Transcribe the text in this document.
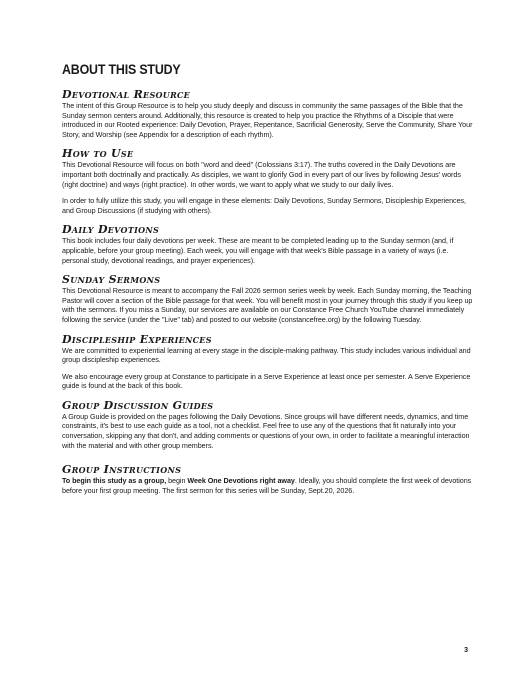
ABOUT THIS STUDY
Devotional Resource

The intent of this Group Resource is to help you study deeply and discuss in community the same passages of the Bible that the Sunday sermon centers around. Additionally, this resource is created to help you practice the Rhythms of a Disciple that were introduced in our Rooted experience: Daily Devotion, Prayer, Repentance, Sacrificial Generosity, Serve the Community, Share Your Story, and Worship (see Appendix for a description of each rhythm).

How to Use

This Devotional Resource will focus on both "word and deed" (Colossians 3:17). The truths covered in the Daily Devotions are important both doctrinally and practically. As disciples, we want to glorify God in every part of our lives by following Jesus' words (right doctrine) and ways (right practice). In other words, we want to apply what we study to our daily lives.

In order to fully utilize this study, you will engage in these elements: Daily Devotions, Sunday Sermons, Discipleship Experiences, and Group Discussions (if studying with others).

Daily Devotions

This book includes four daily devotions per week. These are meant to be completed leading up to the Sunday sermon (and, if applicable, before your group meeting). Each week, you will engage with that week's Bible passage in a variety of ways (i.e. personal study, devotional readings, and prayer experiences).

Sunday Sermons

This Devotional Resource is meant to accompany the Fall 2026 sermon series week by week. Each Sunday morning, the Teaching Pastor will cover a section of the Bible passage for that week. You will benefit most in your journey through this study if you keep up with the sermons. If you miss a Sunday, our services are available on our Constance Free Church YouTube channel immediately following the service (under the "Live" tab) and posted to our website (constancefree.org) by the following Tuesday.

Discipleship Experiences

We are committed to experiential learning at every stage in the disciple-making pathway. This study includes various individual and group discipleship experiences.

We also encourage every group at Constance to participate in a Serve Experience at least once per semester. A Serve Experience guide is found at the back of this book.

Group Discussion Guides

A Group Guide is provided on the pages following the Daily Devotions. Since groups will have different needs, dynamics, and time constraints, it's best to use each guide as a tool, not a checklist. Feel free to use any of the questions that fit naturally into your conversation, skipping any that don't, and adding comments or questions of your own, in order to facilitate a meaningful interaction with the material and with other group members.

Group Instructions

To begin this study as a group, begin Week One Devotions right away. Ideally, you should complete the first week of devotions before your first group meeting. The first sermon for this series will be Sunday, Sept.20, 2026.

3
